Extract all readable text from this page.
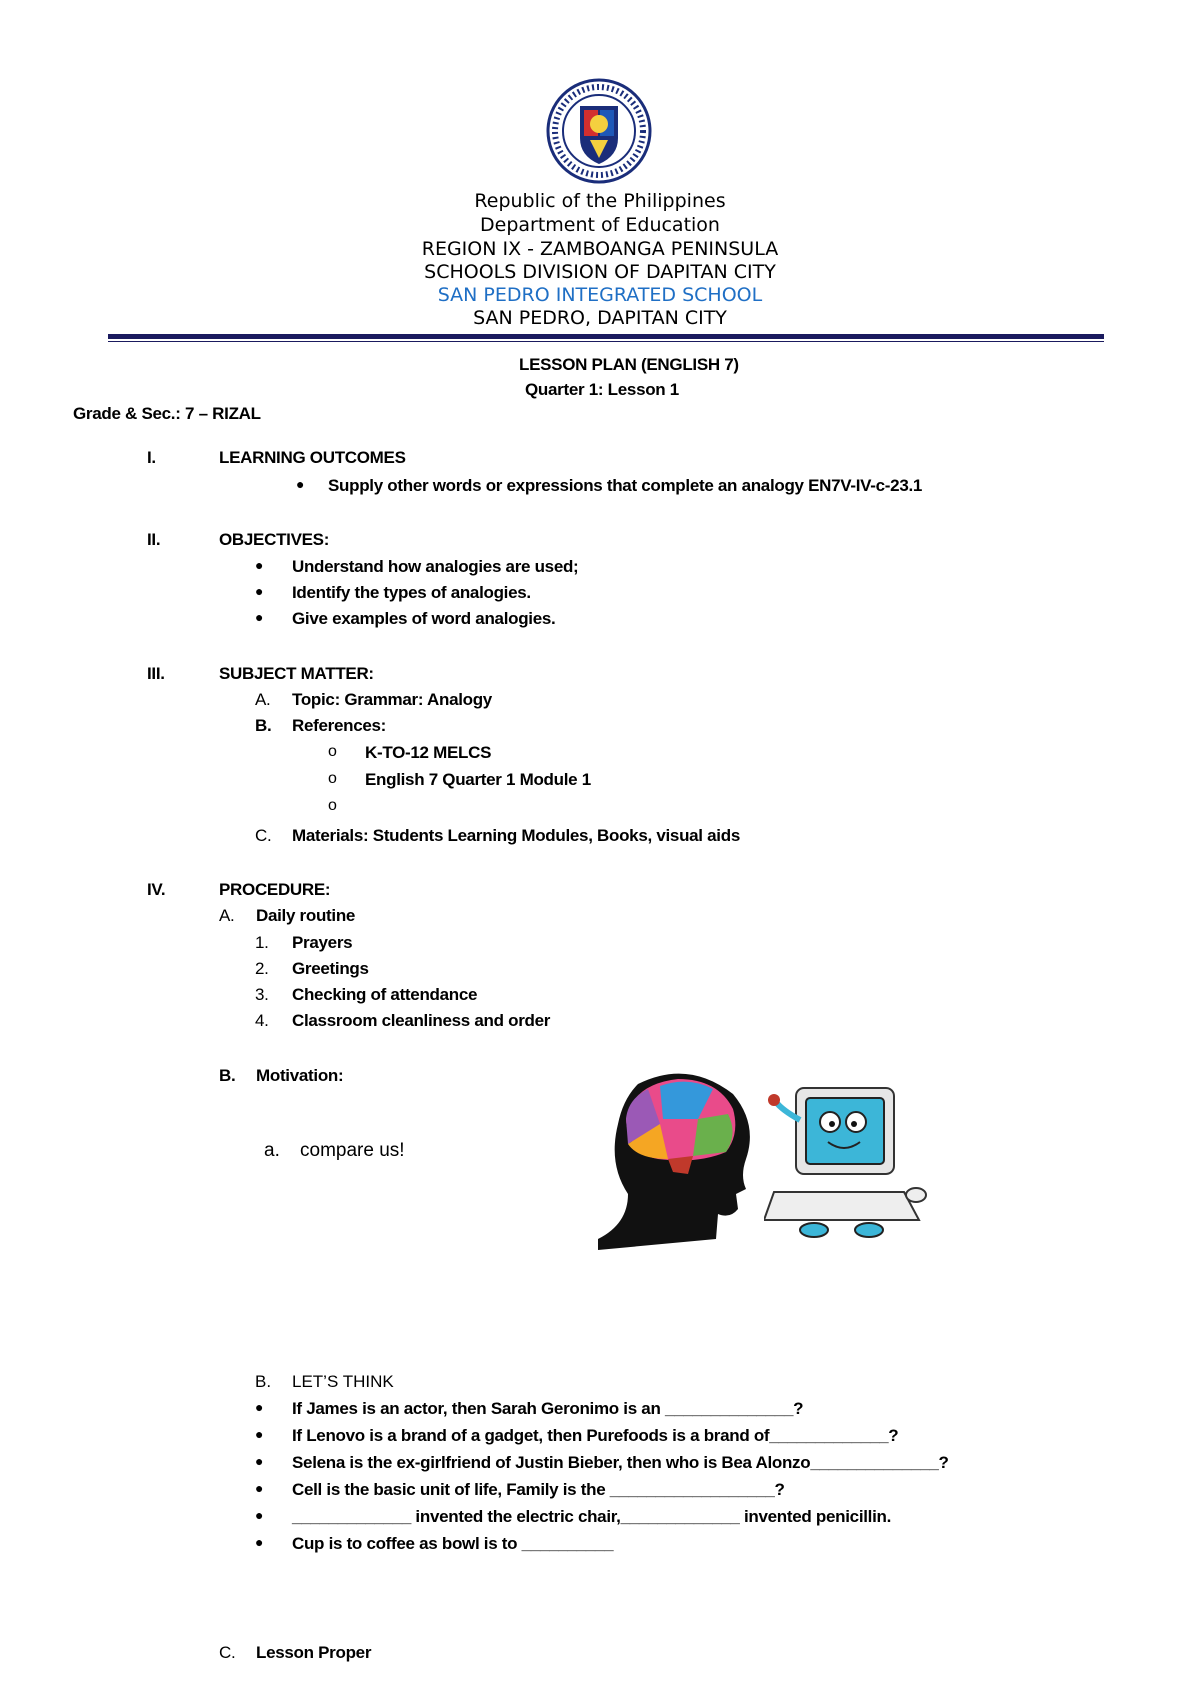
Republic of the Philippines
Department of Education
REGION IX - ZAMBOANGA PENINSULA
SCHOOLS DIVISION OF DAPITAN CITY
SAN PEDRO INTEGRATED SCHOOL
SAN PEDRO, DAPITAN CITY
LESSON PLAN (ENGLISH 7)
Quarter 1: Lesson 1
Grade & Sec.: 7 – RIZAL
I.	LEARNING OUTCOMES
● Supply other words or expressions that complete an analogy EN7V-IV-c-23.1
II.	OBJECTIVES:
● Understand how analogies are used;
● Identify the types of analogies.
● Give examples of word analogies.
III.	SUBJECT MATTER:
A. Topic: Grammar: Analogy
B. References:
o K-TO-12 MELCS
o English 7 Quarter 1 Module 1
o
C. Materials: Students Learning Modules, Books, visual aids
IV.	PROCEDURE:
A. Daily routine
1. Prayers
2. Greetings
3. Checking of attendance
4. Classroom cleanliness and order
B. Motivation:
a. compare us!
B. LET’S THINK
● If James is an actor, then Sarah Geronimo is an ______________?
● If Lenovo is a brand of a gadget, then Purefoods is a brand of_____________?
● Selena is the ex-girlfriend of Justin Bieber, then who is Bea Alonzo______________?
● Cell is the basic unit of life, Family is the __________________?
● _____________ invented the electric chair,_____________ invented penicillin.
● Cup is to coffee as bowl is to __________
C. Lesson Proper
